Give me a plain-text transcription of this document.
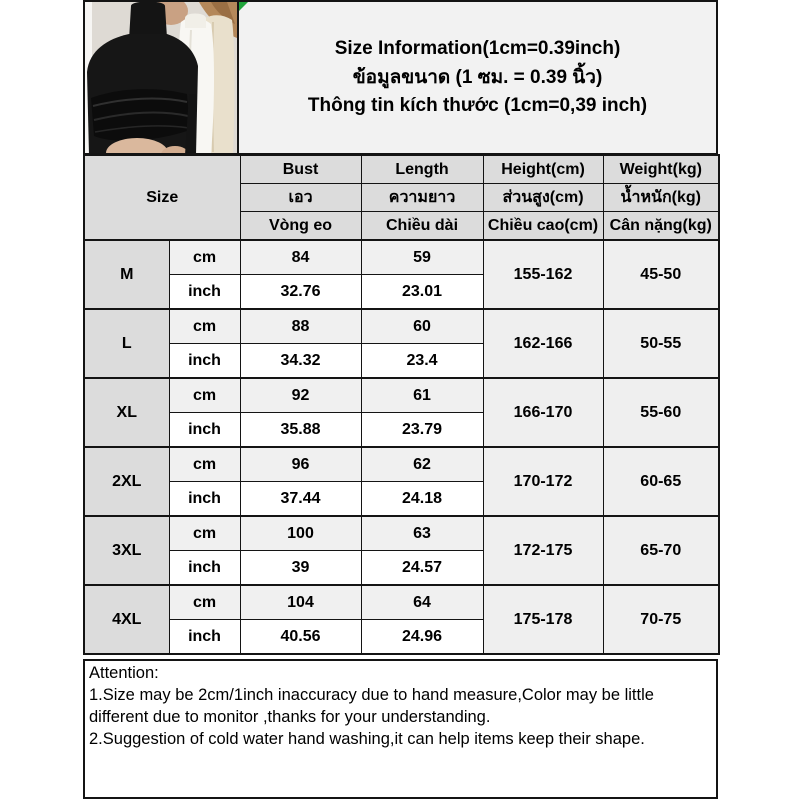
Size Information(1cm=0.39inch)
ข้อมูลขนาด (1 ซม. = 0.39 นิ้ว)
Thông tin kích thước (1cm=0,39 inch)
Size		Bust	Length	Height(cm)	Weight(kg)
		เอว	ความยาว	ส่วนสูง(cm)	น้ำหนัก(kg)
		Vòng eo	Chiều dài	Chiều cao(cm)	Cân nặng(kg)
M	cm	84	59	155-162	45-50
	inch	32.76	23.01		
L	cm	88	60	162-166	50-55
	inch	34.32	23.4		
XL	cm	92	61	166-170	55-60
	inch	35.88	23.79		
2XL	cm	96	62	170-172	60-65
	inch	37.44	24.18		
3XL	cm	100	63	172-175	65-70
	inch	39	24.57		
4XL	cm	104	64	175-178	70-75
	inch	40.56	24.96		
Attention:
1.Size may be 2cm/1inch inaccuracy due to hand measure,Color may be little different due to monitor ,thanks for your understanding.
2.Suggestion of cold water hand washing,it can help items keep their shape.
